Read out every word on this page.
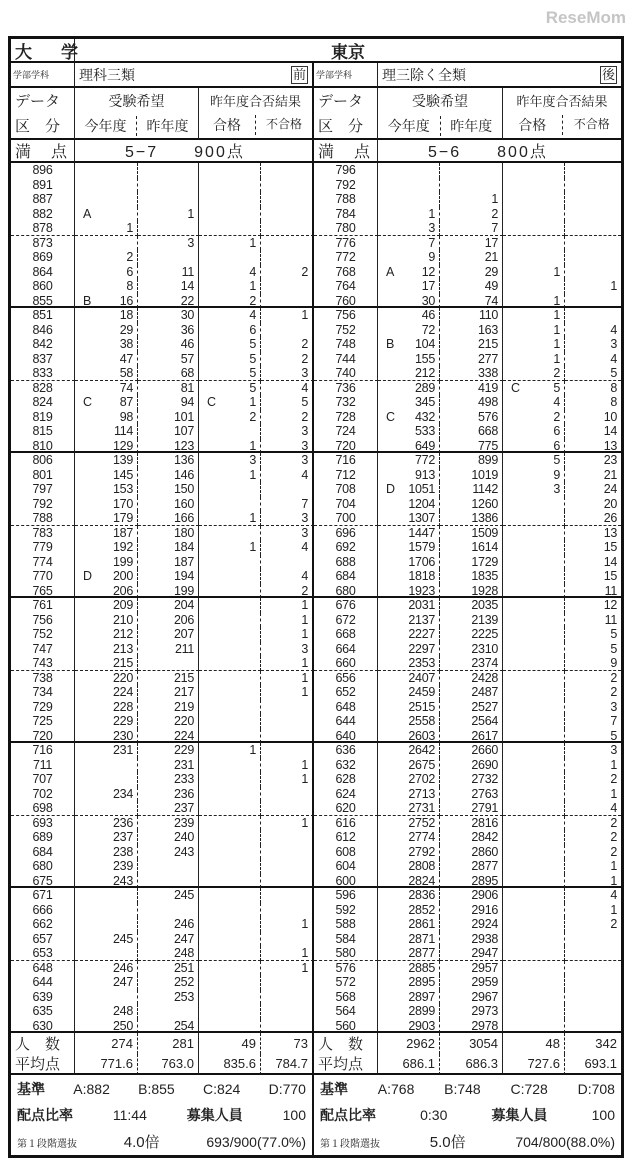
大　学	東京
学部学科	理科三類	前 学部学科	理三除く全類	後
データ
区　分
受験希望
今年度	昨年度
昨年度合否結果
合格	不合格
データ
区　分
受験希望
今年度	昨年度
昨年度合否結果
合格	不合格
満　点	5−7　　900点	満　点	5−6　　800点
896	796
891	792
887	788	1
882	A	1	784	1	2
878	1	780	3	7
873	3	1	776	7	17
869	2	772	9	21
864	6	11	4	2	768	A 12	29	1
860	8	14	1	764	17	49	1
855	B 16	22	2	760	30	74	1
851	18	30	4	1	756	46	110	1
846	29	36	6	752	72	163	1	4
842	38	46	5	2	748	B 104	215	1	3
837	47	57	5	2	744	155	277	1	4
833	58	68	5	3	740	212	338	2	5
828	74	81	5	4	736	289	419 C	5	8
824	C 87	94 C	1	5	732	345	498	4	8
819	98	101	2	2	728	C 432	576	2	10
815	114	107	3	724	533	668	6	14
810	129	123	1	3	720	649	775	6	13
806	139	136	3	3	716	772	899	5	23
801	145	146	1	4	712	913	1019	9	21
797	153	150	708	D 1051	1142	3	24
792	170	160	7	704	1204	1260	20
788	179	166	1	3	700	1307	1386	26
783	187	180	3	696	1447	1509	13
779	192	184	1	4	692	1579	1614	15
774	199	187	688	1706	1729	14
770	D 200	194	4	684	1818	1835	15
765	206	199	2	680	1923	1928	11
761	209	204	1	676	2031	2035	12
756	210	206	1	672	2137	2139	11
752	212	207	1	668	2227	2225	5
747	213	211	3	664	2297	2310	5
743	215	1	660	2353	2374	9
738	220	215	1	656	2407	2428	2
734	224	217	1	652	2459	2487	2
729	228	219	648	2515	2527	3
725	229	220	644	2558	2564	7
720	230	224	640	2603	2617	5
716	231	229	1	636	2642	2660	3
711	231	1	632	2675	2690	1
707	233	1	628	2702	2732	2
702	234	236	624	2713	2763	1
698	237	620	2731	2791	4
693	236	239	1	616	2752	2816	2
689	237	240	612	2774	2842	2
684	238	243	608	2792	2860	2
680	239	604	2808	2877	1
675	243	600	2824	2895	1
671	245	596	2836	2906	4
666	592	2852	2916	1
662	246	1	588	2861	2924	2
657	245	247	584	2871	2938
653	248	1	580	2877	2947
648	246	251	1	576	2885	2957
644	247	252	572	2895	2959
639	253	568	2897	2967
635	248	564	2899	2973
630	250	254	560	2903	2978
人　数	274	281	49	73 人　数	2962	3054	48	342
平均点	771.6	763.0	835.6	784.7 平均点	686.1	686.3	727.6	693.1
基準 A:882 B:855 C:824 D:770
配点比率	11:44	募集人員	100
第１段階選抜	4.0倍	693/900(77.0%)
基準 A:768 B:748 C:728 D:708
配点比率	0:30	募集人員	100
第１段階選抜	5.0倍	704/800(88.0%)
ReseMom
